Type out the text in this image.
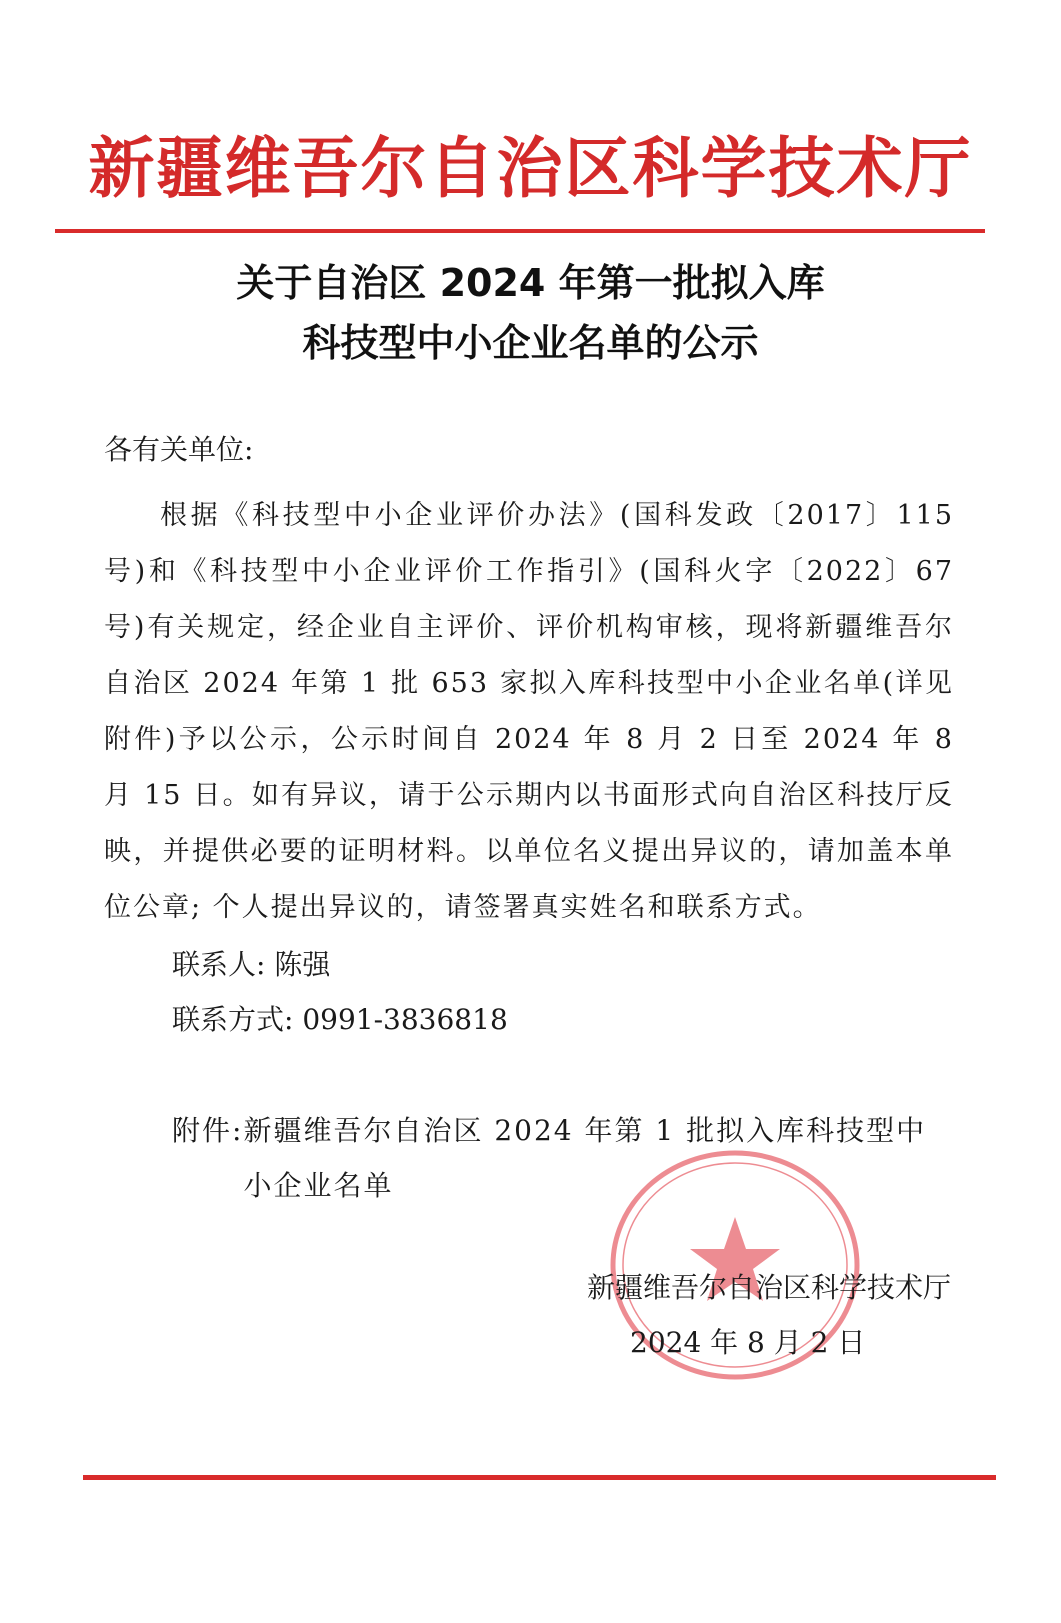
新疆维吾尔自治区科学技术厅
关于自治区 2024 年第一批拟入库
科技型中小企业名单的公示
各有关单位:
根据《科技型中小企业评价办法》(国科发政〔2017〕115 号)和《科技型中小企业评价工作指引》(国科火字〔2022〕67 号)有关规定，经企业自主评价、评价机构审核，现将新疆维吾尔自治区 2024 年第 1 批 653 家拟入库科技型中小企业名单(详见附件)予以公示，公示时间自 2024 年 8 月 2 日至 2024 年 8 月 15 日。如有异议，请于公示期内以书面形式向自治区科技厅反映，并提供必要的证明材料。以单位名义提出异议的，请加盖本单位公章; 个人提出异议的，请签署真实姓名和联系方式。
联系人: 陈强
联系方式: 0991-3836818
附件: 新疆维吾尔自治区 2024 年第 1 批拟入库科技型中小企业名单
新疆维吾尔自治区科学技术厅
2024 年 8 月 2 日
